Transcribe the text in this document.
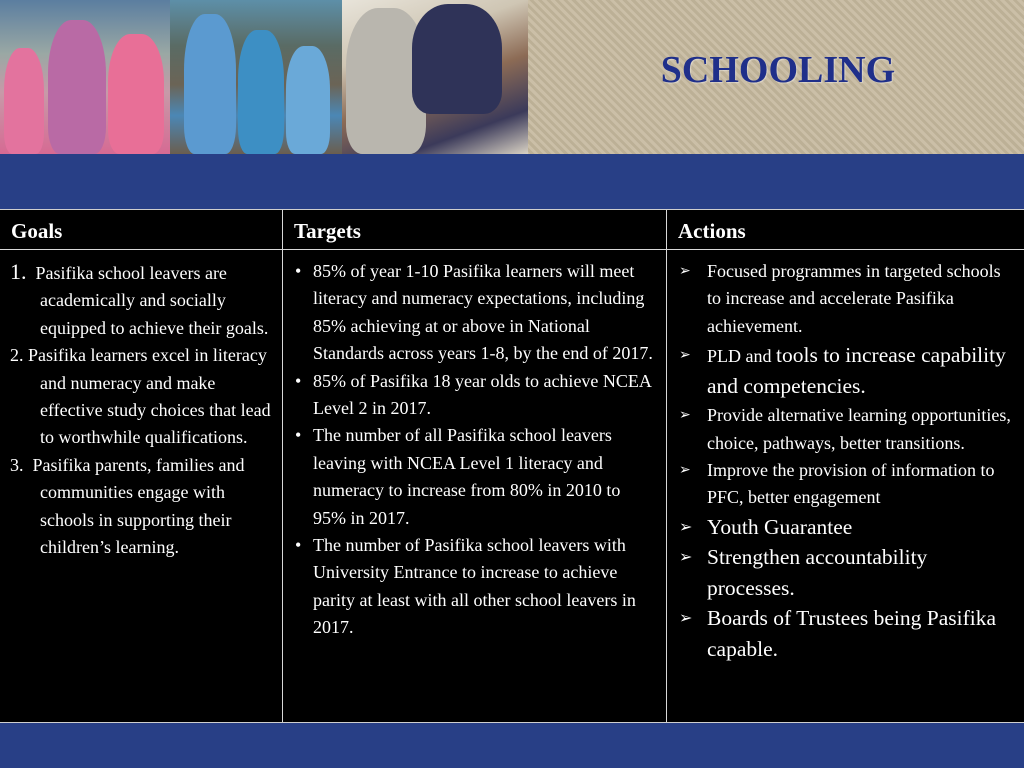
SCHOOLING
Goals
1. Pasifika school leavers are academically and socially equipped to achieve their goals.
2. Pasifika learners excel in literacy and numeracy and make effective study choices that lead to worthwhile qualifications.
3. Pasifika parents, families and communities engage with schools in supporting their children’s learning.
Targets
• 85% of year 1-10 Pasifika learners will meet literacy and numeracy expectations, including 85% achieving at or above in National Standards across years 1-8, by the end of 2017.
• 85% of Pasifika 18 year olds to achieve NCEA Level 2 in 2017.
• The number of all Pasifika school leavers leaving with NCEA Level 1 literacy and numeracy to increase from 80% in 2010 to 95% in 2017.
• The number of Pasifika school leavers with University Entrance to increase to achieve parity at least with all other school leavers in 2017.
Actions
➢ Focused programmes in targeted schools to increase and accelerate Pasifika achievement.
➢ PLD and tools to increase capability and competencies.
➢ Provide alternative learning opportunities, choice, pathways, better transitions.
➢ Improve the provision of information to PFC, better engagement
➢ Youth Guarantee
➢ Strengthen accountability processes.
➢ Boards of Trustees being Pasifika capable.
